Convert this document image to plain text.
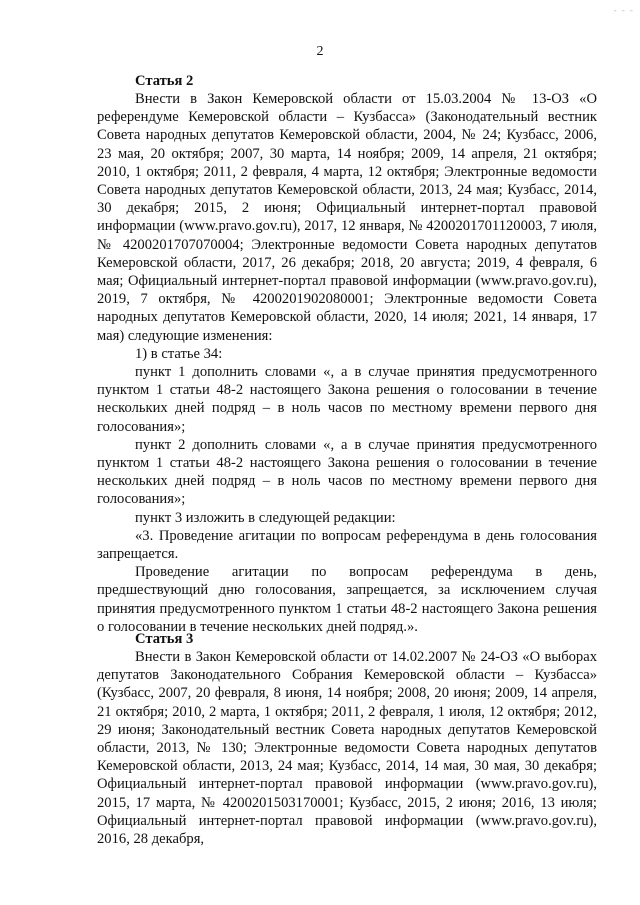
- - -
2
Статья 2

Внести в Закон Кемеровской области от 15.03.2004 № 13-ОЗ «О референдуме Кемеровской области – Кузбасса» (Законодательный вестник Совета народных депутатов Кемеровской области, 2004, № 24; Кузбасс, 2006, 23 мая, 20 октября; 2007, 30 марта, 14 ноября; 2009, 14 апреля, 21 октября; 2010, 1 октября; 2011, 2 февраля, 4 марта, 12 октября; Электронные ведомости Совета народных депутатов Кемеровской области, 2013, 24 мая; Кузбасс, 2014, 30 декабря; 2015, 2 июня; Официальный интернет-портал правовой информации (www.pravo.gov.ru), 2017, 12 января, № 4200201701120003, 7 июля, № 4200201707070004; Электронные ведомости Совета народных депутатов Кемеровской области, 2017, 26 декабря; 2018, 20 августа; 2019, 4 февраля, 6 мая; Официальный интернет-портал правовой информации (www.pravo.gov.ru), 2019, 7 октября, № 4200201902080001; Электронные ведомости Совета народных депутатов Кемеровской области, 2020, 14 июля; 2021, 14 января, 17 мая) следующие изменения:

1) в статье 34:

пункт 1 дополнить словами «, а в случае принятия предусмотренного пунктом 1 статьи 48-2 настоящего Закона решения о голосовании в течение нескольких дней подряд – в ноль часов по местному времени первого дня голосования»;

пункт 2 дополнить словами «, а в случае принятия предусмотренного пунктом 1 статьи 48-2 настоящего Закона решения о голосовании в течение нескольких дней подряд – в ноль часов по местному времени первого дня голосования»;

пункт 3 изложить в следующей редакции:

«3. Проведение агитации по вопросам референдума в день голосования запрещается.

Проведение агитации по вопросам референдума в день, предшествующий дню голосования, запрещается, за исключением случая принятия предусмотренного пунктом 1 статьи 48-2 настоящего Закона решения о голосовании в течение нескольких дней подряд.».

Статья 3

Внести в Закон Кемеровской области от 14.02.2007 № 24-ОЗ «О выборах депутатов Законодательного Собрания Кемеровской области – Кузбасса» (Кузбасс, 2007, 20 февраля, 8 июня, 14 ноября; 2008, 20 июня; 2009, 14 апреля, 21 октября; 2010, 2 марта, 1 октября; 2011, 2 февраля, 1 июля, 12 октября; 2012, 29 июня; Законодательный вестник Совета народных депутатов Кемеровской области, 2013, № 130; Электронные ведомости Совета народных депутатов Кемеровской области, 2013, 24 мая; Кузбасс, 2014, 14 мая, 30 мая, 30 декабря; Официальный интернет-портал правовой информации (www.pravo.gov.ru), 2015, 17 марта, № 4200201503170001; Кузбасс, 2015, 2 июня; 2016, 13 июля; Официальный интернет-портал правовой информации (www.pravo.gov.ru), 2016, 28 декабря,
